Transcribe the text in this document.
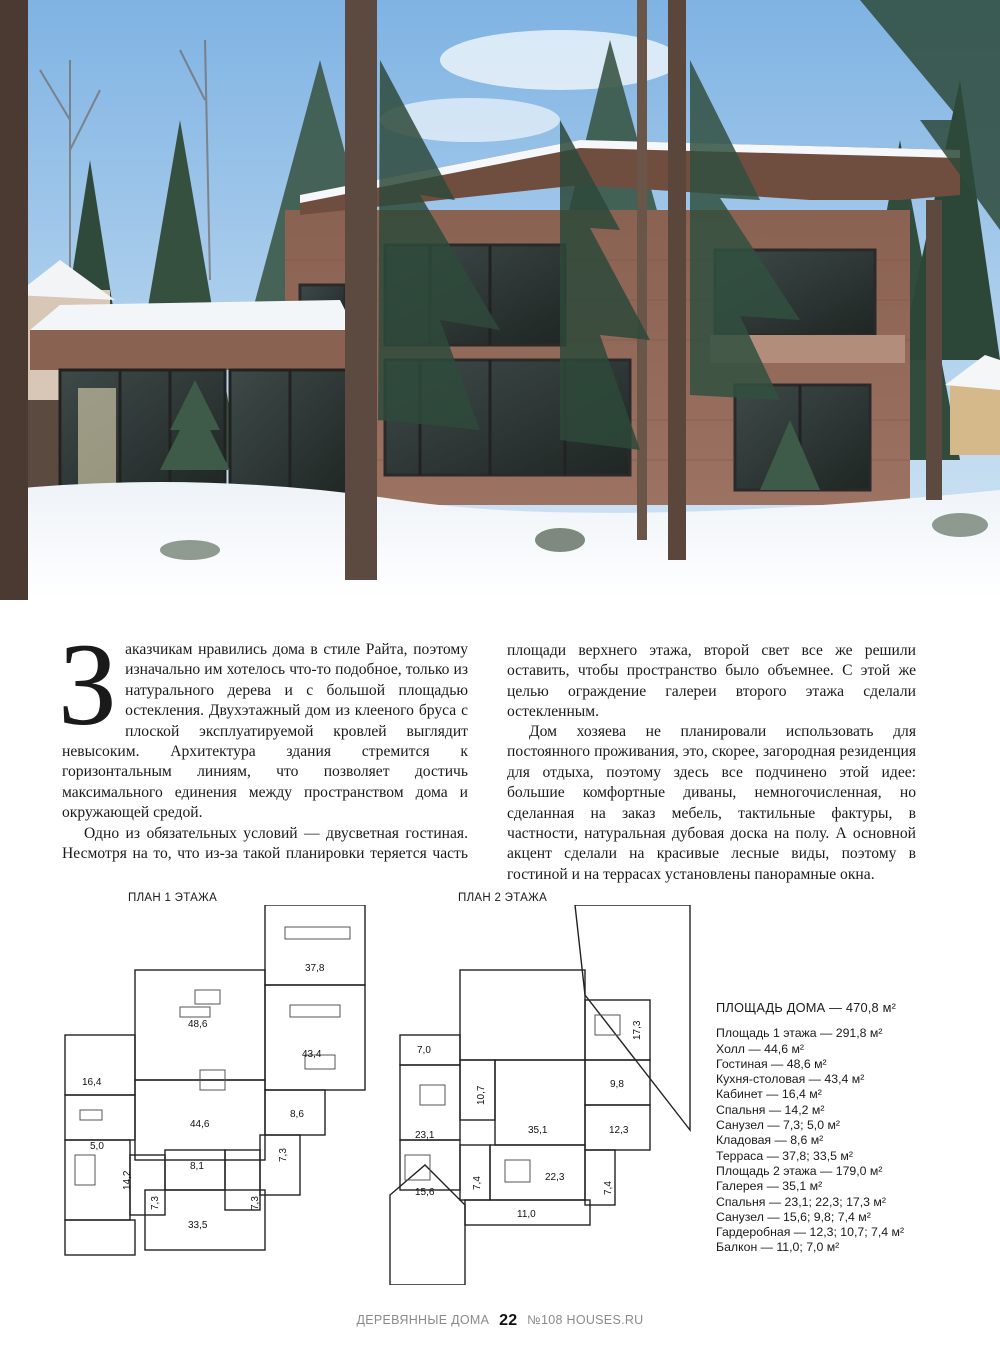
Заказчикам нравились дома в стиле Райта, поэтому изначально им хотелось что-то подобное, только из натурального дерева и с большой площадью остекления. Двухэтажный дом из клееного бруса с плоской эксплуатируемой кровлей выглядит невысоким. Архитектура здания стремится к горизонтальным линиям, что позволяет достичь максимального единения между пространством дома и окружающей средой.

Одно из обязательных условий — двусветная гостиная. Несмотря на то, что из-за такой планировки теряется часть

площади верхнего этажа, второй свет все же решили оставить, чтобы пространство было объемнее. С этой же целью ограждение галереи второго этажа сделали остекленным.

Дом хозяева не планировали использовать для постоянного проживания, это, скорее, загородная резиденция для отдыха, поэтому здесь все подчинено этой идее: большие комфортные диваны, немногочисленная, но сделанная на заказ мебель, тактильные фактуры, в частности, натуральная дубовая доска на полу. А основной акцент сделали на красивые лесные виды, поэтому в гостиной и на террасах установлены панорамные окна.

ПЛАН 1 ЭТАЖА
37,8
48,6
43,4
16,4
44,6
8,6
5,0
8,1
7,3
14,2
7,3	7,3
33,5
ПЛАН 2 ЭТАЖА
7,0
17,3
10,7
9,8
23,1	35,1	12,3
15,6
7,4	22,3
7,4
11,0
ПЛОЩАДЬ ДОМА — 470,8 м²
Площадь 1 этажа — 291,8 м²
Холл — 44,6 м²
Гостиная — 48,6 м²
Кухня-столовая — 43,4 м²
Кабинет — 16,4 м²
Спальня — 14,2 м²
Санузел — 7,3; 5,0 м²
Кладовая — 8,6 м²
Терраса — 37,8; 33,5 м²
Площадь 2 этажа — 179,0 м²
Галерея — 35,1 м²
Спальня — 23,1; 22,3; 17,3 м²
Санузел — 15,6; 9,8; 7,4 м²
Гардеробная — 12,3; 10,7; 7,4 м²
Балкон — 11,0; 7,0 м²
ДЕРЕВЯННЫЕ ДОМА 22 №108 HOUSES.RU
